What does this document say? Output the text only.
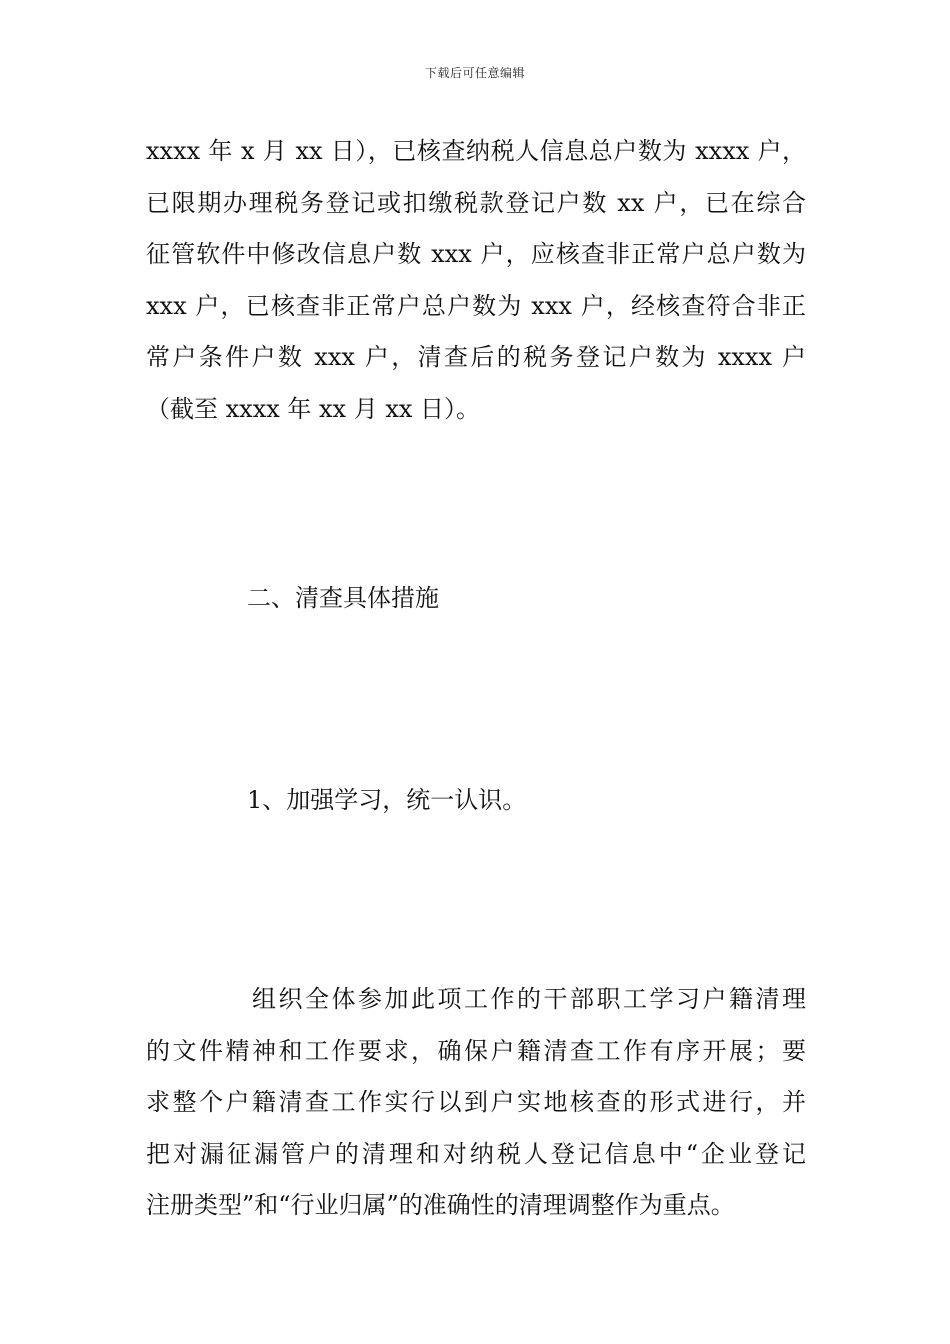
下载后可任意编辑
xxxx 年 x 月 xx 日），已核查纳税人信息总户数为 xxxx 户，
已限期办理税务登记或扣缴税款登记户数 xx 户，已在综合
征管软件中修改信息户数 xxx 户，应核查非正常户总户数为
xxx 户，已核查非正常户总户数为 xxx 户，经核查符合非正
常户条件户数 xxx 户，清查后的税务登记户数为 xxxx 户
（截至 xxxx 年 xx 月 xx 日）。
二、清查具体措施
1、加强学习，统一认识。
组织全体参加此项工作的干部职工学习户籍清理
的文件精神和工作要求，确保户籍清查工作有序开展；要
求整个户籍清查工作实行以到户实地核查的形式进行，并
把对漏征漏管户的清理和对纳税人登记信息中“企业登记
注册类型”和“行业归属”的准确性的清理调整作为重点。
